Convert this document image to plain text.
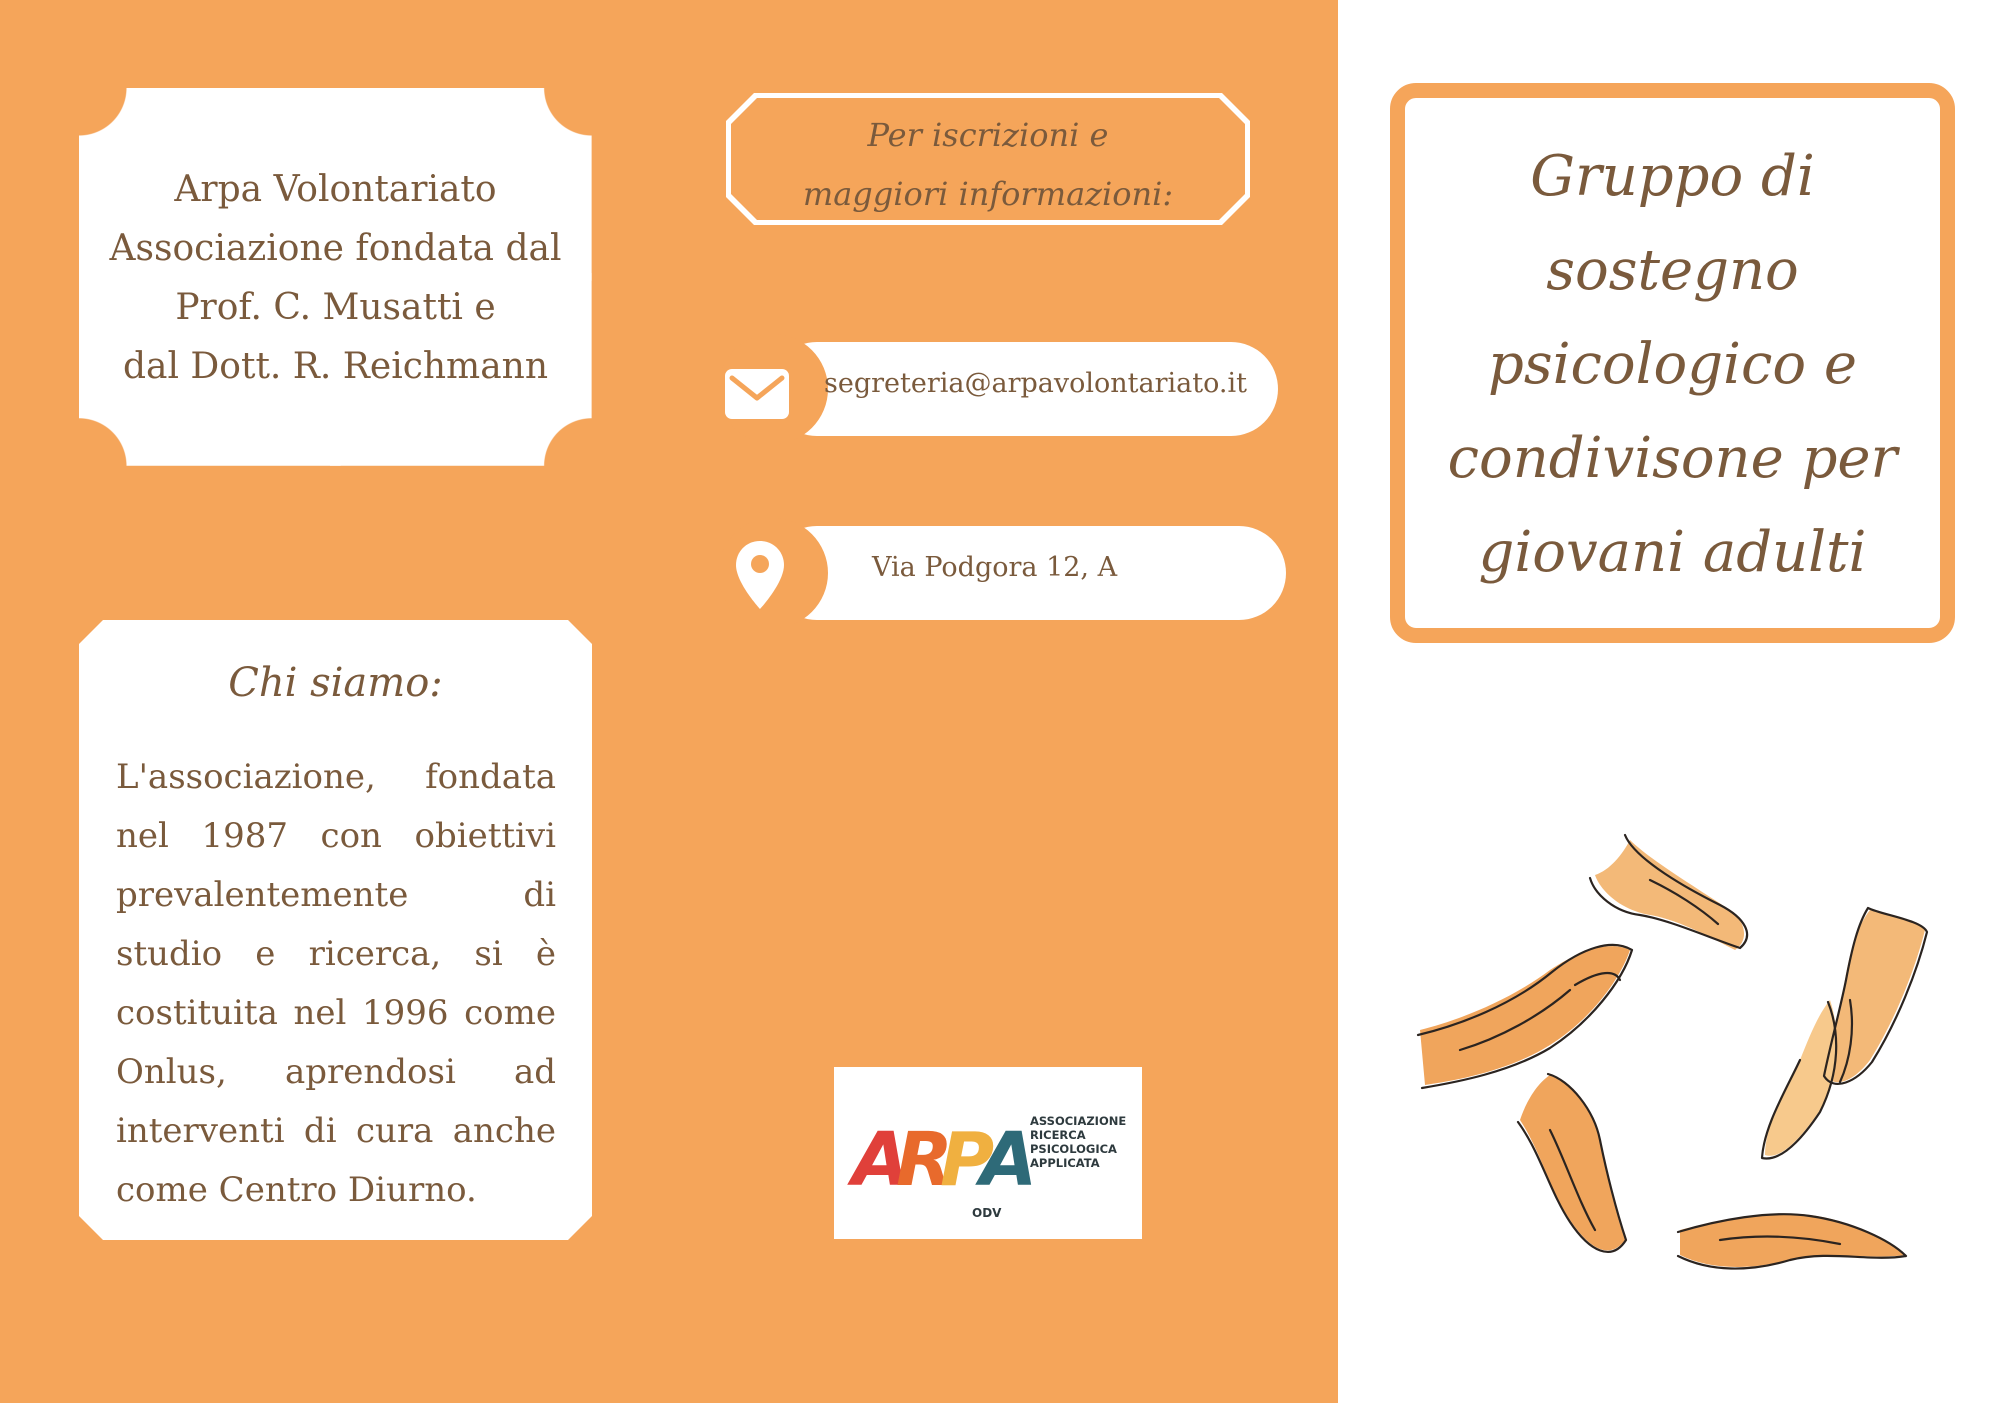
Arpa Volontariato
Associazione fondata dal
Prof. C. Musatti e
dal Dott. R. Reichmann
Chi siamo:
L'associazione, fondata nel 1987 con obiettivi prevalentemente di studio e ricerca, si è costituita nel 1996 come Onlus, aprendosi ad interventi di cura anche come Centro Diurno.
Per iscrizioni e
maggiori informazioni:
segreteria@arpavolontariato.it
Via Podgora 12, A
A
R
P
A
ODV
ASSOCIAZIONE
RICERCA
PSICOLOGICA
APPLICATA
Gruppo di
sostegno
psicologico e
condivisone per
giovani adulti
